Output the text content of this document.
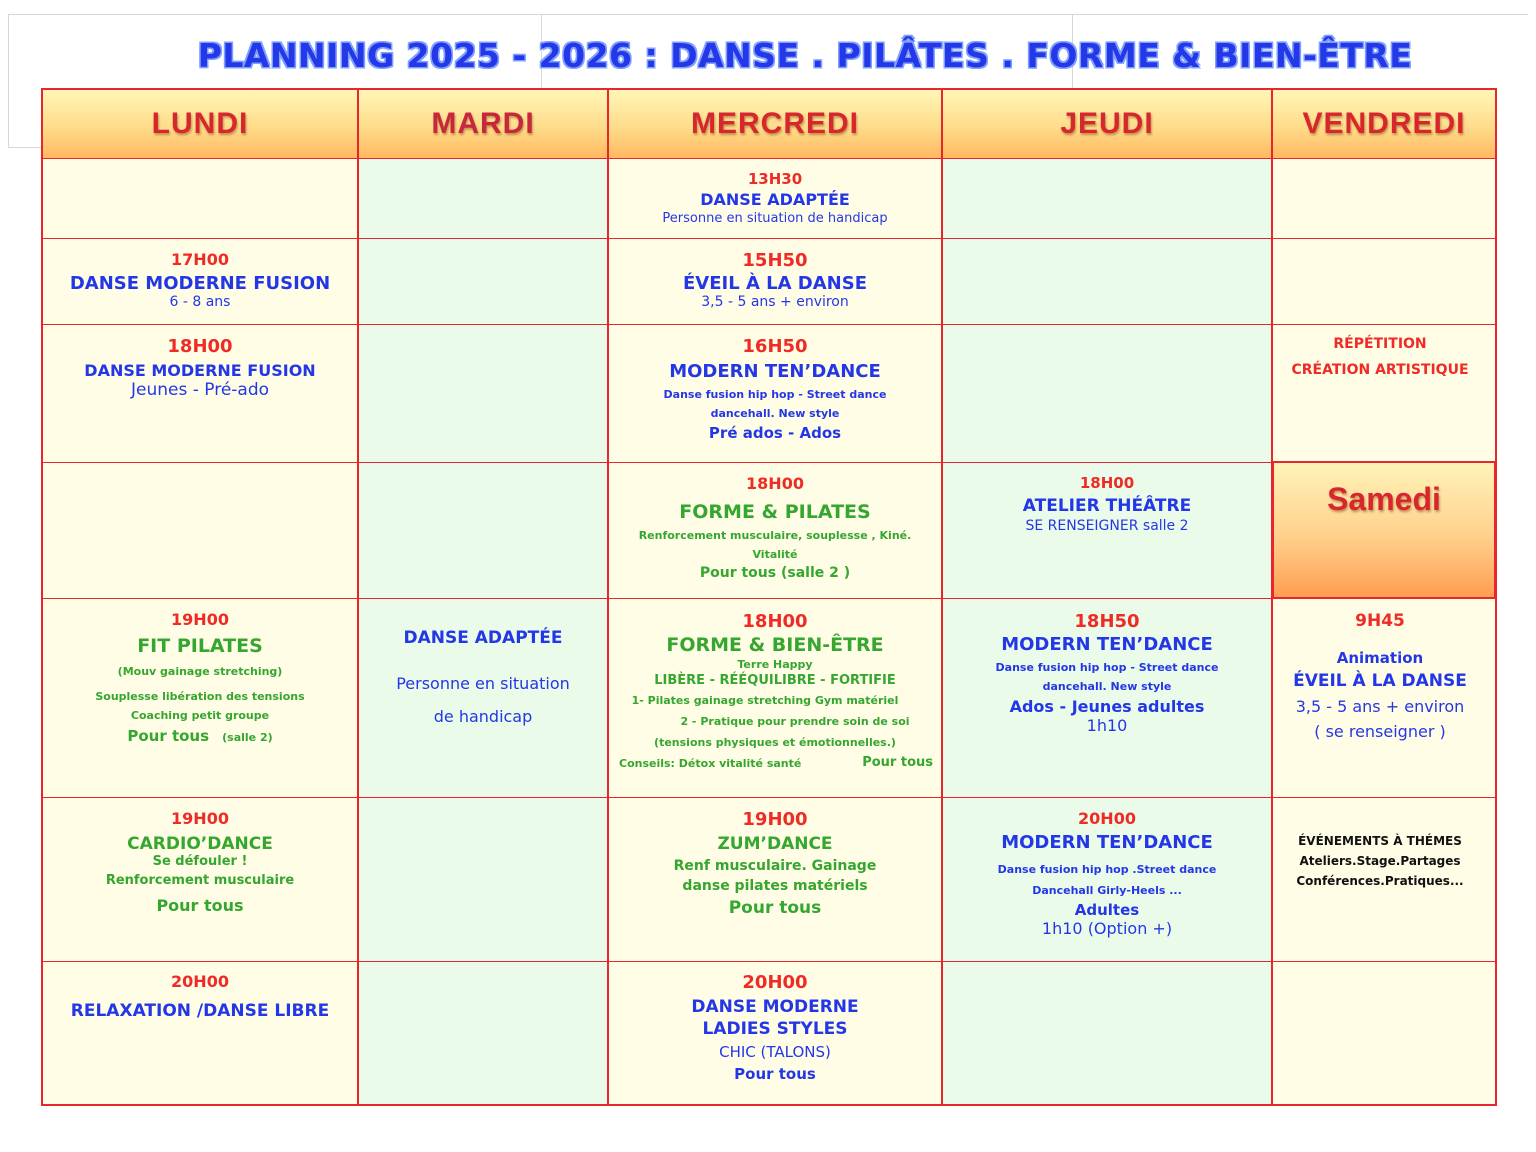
PLANNING 2025 - 2026 : DANSE . PILÂTES . FORME & BIEN-ÊTRE
LUNDI
17H00
DANSE MODERNE FUSION
6 - 8 ans
18H00
DANSE MODERNE FUSION
Jeunes - Pré-ado
19H00
FIT PILATES
(Mouv gainage stretching)
Souplesse libération des tensions
Coaching petit groupe
Pour tous (salle 2)
19H00
CARDIO’DANCE
Se défouler !
Renforcement musculaire
Pour tous
20H00
RELAXATION /DANSE LIBRE
MARDI
DANSE ADAPTÉE
Personne en situation
de handicap
MERCREDI
13H30
DANSE ADAPTÉE
Personne en situation de handicap
15H50
ÉVEIL À LA DANSE
3,5 - 5 ans + environ
16H50
MODERN TEN’DANCE
Danse fusion hip hop - Street dance
dancehall. New style
Pré ados - Ados
18H00
FORME & PILATES
Renforcement musculaire, souplesse , Kiné.
Vitalité
Pour tous (salle 2 )
18H00
FORME & BIEN-ÊTRE
Terre Happy
LIBÈRE - RÉÉQUILIBRE - FORTIFIE
1- Pilates gainage stretching Gym matériel
2 - Pratique pour prendre soin de soi
(tensions physiques et émotionnelles.)
Conseils: Détox vitalité santé	Pour tous
19H00
ZUM’DANCE
Renf musculaire. Gainage
danse pilates matériels
Pour tous
20H00
DANSE MODERNE
LADIES STYLES
CHIC (TALONS)
Pour tous
JEUDI
18H00
ATELIER THÉÂTRE
SE RENSEIGNER salle 2
18H50
MODERN TEN’DANCE
Danse fusion hip hop - Street dance
dancehall. New style
Ados - Jeunes adultes
1h10
20H00
MODERN TEN’DANCE
Danse fusion hip hop .Street dance
Dancehall Girly-Heels ...
Adultes
1h10 (Option +)
VENDREDI
RÉPÉTITION
CRÉATION ARTISTIQUE
9H45
Animation
ÉVEIL À LA DANSE
3,5 - 5 ans + environ
( se renseigner )
ÉVÉNEMENTS À THÉMES
Ateliers.Stage.Partages
Conférences.Pratiques...
Samedi
